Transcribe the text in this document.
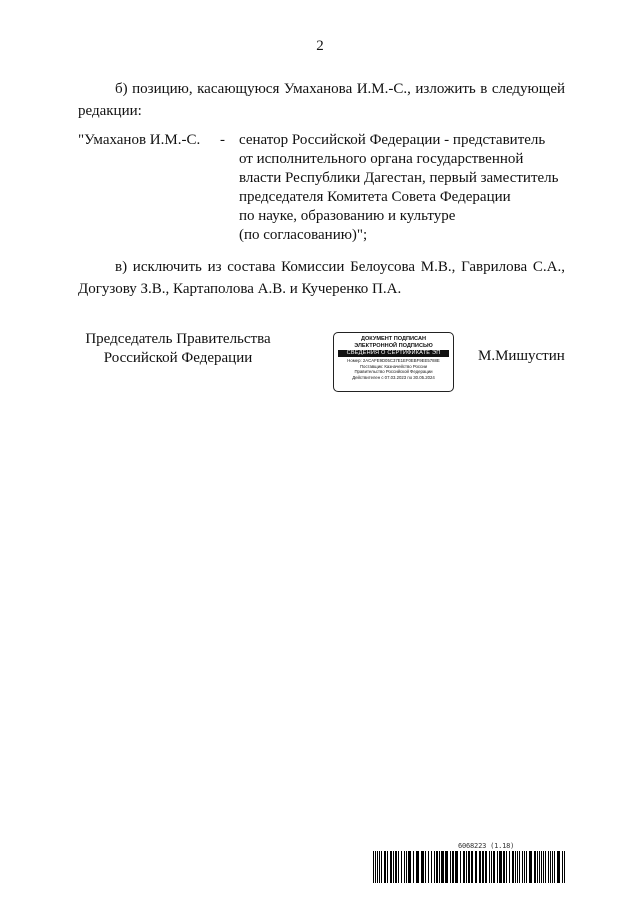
2
б) позицию, касающуюся Умаханова И.М.-С., изложить в следующей
редакции:
"Умаханов И.М.-С. - сенатор Российской Федерации - представитель
от исполнительного органа государственной
власти Республики Дагестан, первый заместитель
председателя Комитета Совета Федерации
по науке, образованию и культуре
(по согласованию)";
в) исключить из состава Комиссии Белоусова М.В., Гаврилова С.А.,
Догузову З.В., Картаполова А.В. и Кучеренко П.А.
Председатель Правительства
Российской Федерации
ДОКУМЕНТ ПОДПИСАН
ЭЛЕКТРОННОЙ ПОДПИСЬЮ
СВЕДЕНИЯ О СЕРТИФИКАТЕ ЭП
Номер: 2ACAFE9D05C37E1EF0EBF9EE5788E
Поставщик: Казначейство России
Правительство Российской Федерации
Действителен с 07.03.2023 по 30.05.2024
М.Мишустин
6068223 (1.18)
